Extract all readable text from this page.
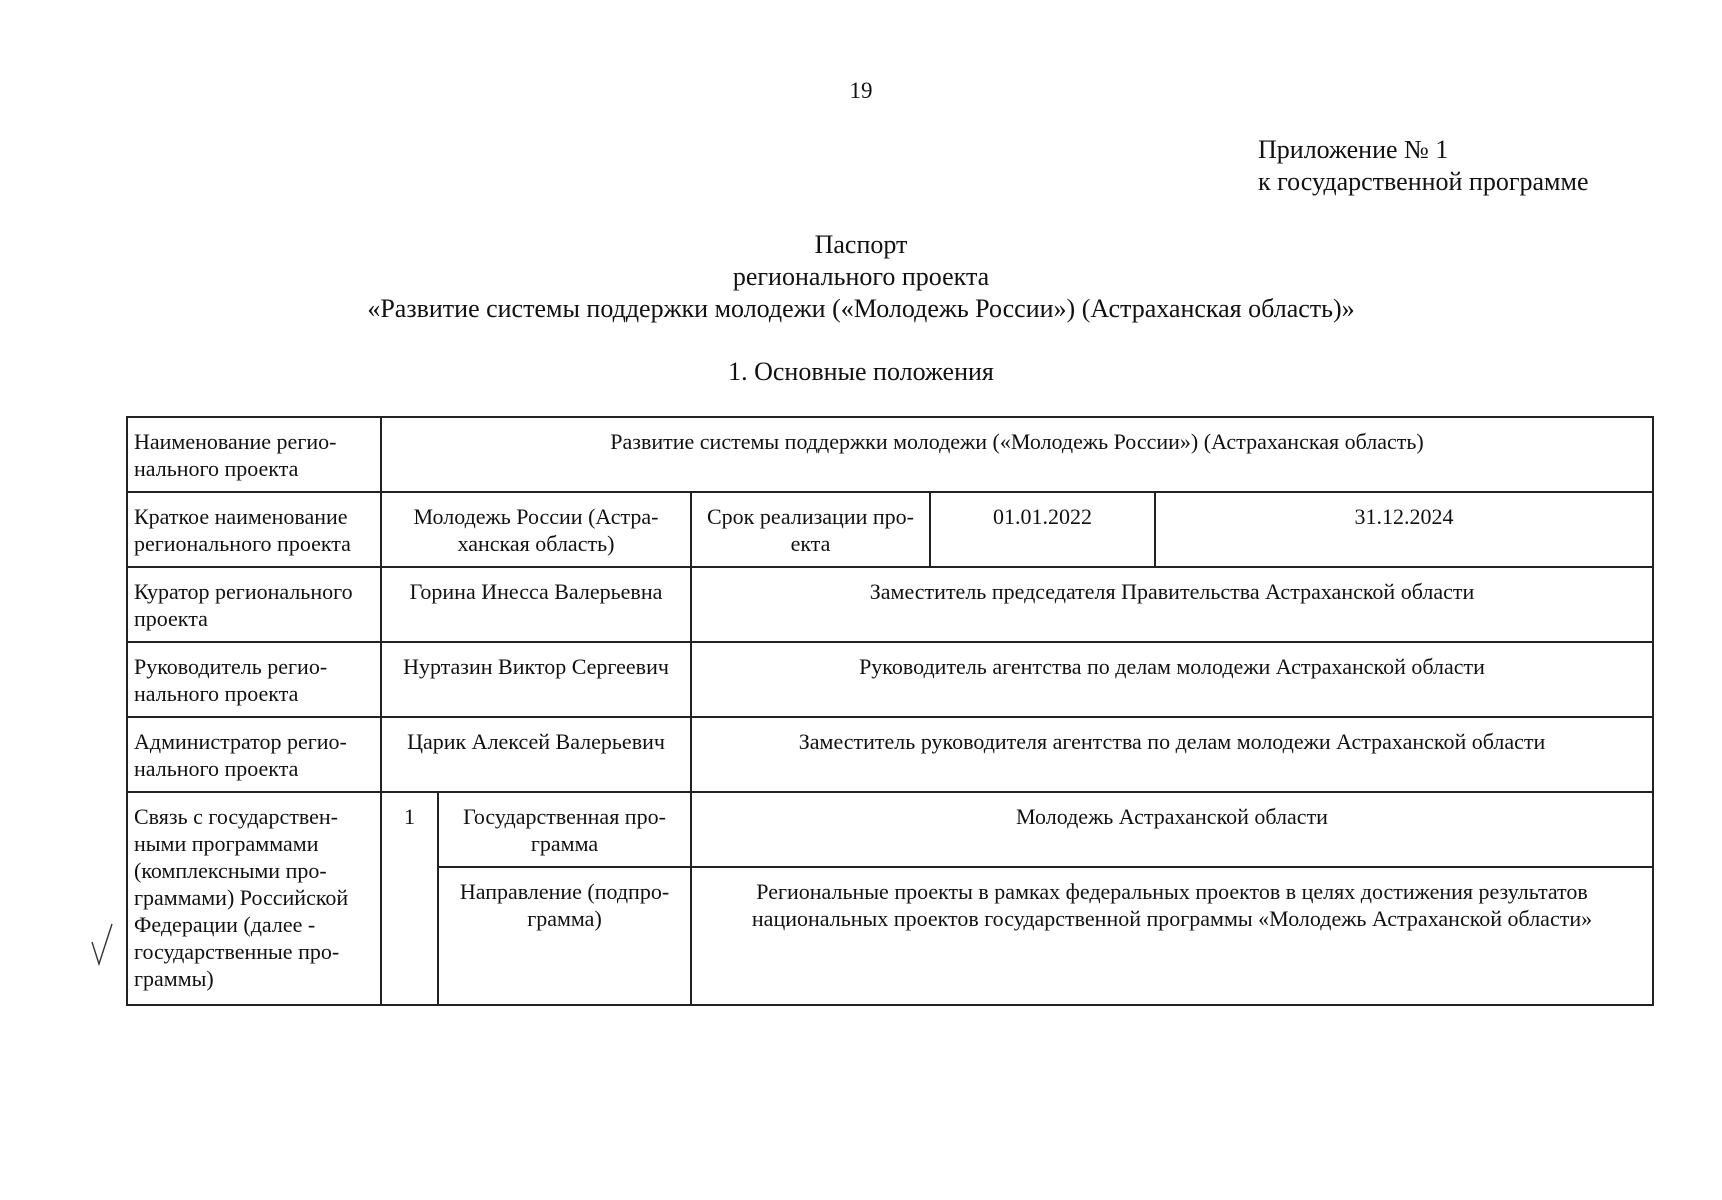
19
Приложение № 1
к государственной программе
Паспорт
регионального проекта
«Развитие системы поддержки молодежи («Молодежь России») (Астраханская область)»
1. Основные положения
Наименование регио-нального проекта	Развитие системы поддержки молодежи («Молодежь России») (Астраханская область)				
Краткое наименование регионального проекта	Молодежь России (Астра-ханская область)		Срок реализации про-екта	01.01.2022	31.12.2024
Куратор регионального проекта	Горина Инесса Валерьевна		Заместитель председателя Правительства Астраханской области		
Руководитель регио-нального проекта	Нуртазин Виктор Сергеевич		Руководитель агентства по делам молодежи Астраханской области		
Администратор регио-нального проекта	Царик Алексей Валерьевич		Заместитель руководителя агентства по делам молодежи Астраханской области		
Связь с государствен-ными программами (комплексными про-граммами) Российской Федерации (далее - государственные про-граммы)	1	Государственная про-грамма	Молодежь Астраханской области		
		Направление (подпро-грамма)	Региональные проекты в рамках федеральных проектов в целях достижения результатов национальных проектов государственной программы «Молодежь Астраханской области»		
